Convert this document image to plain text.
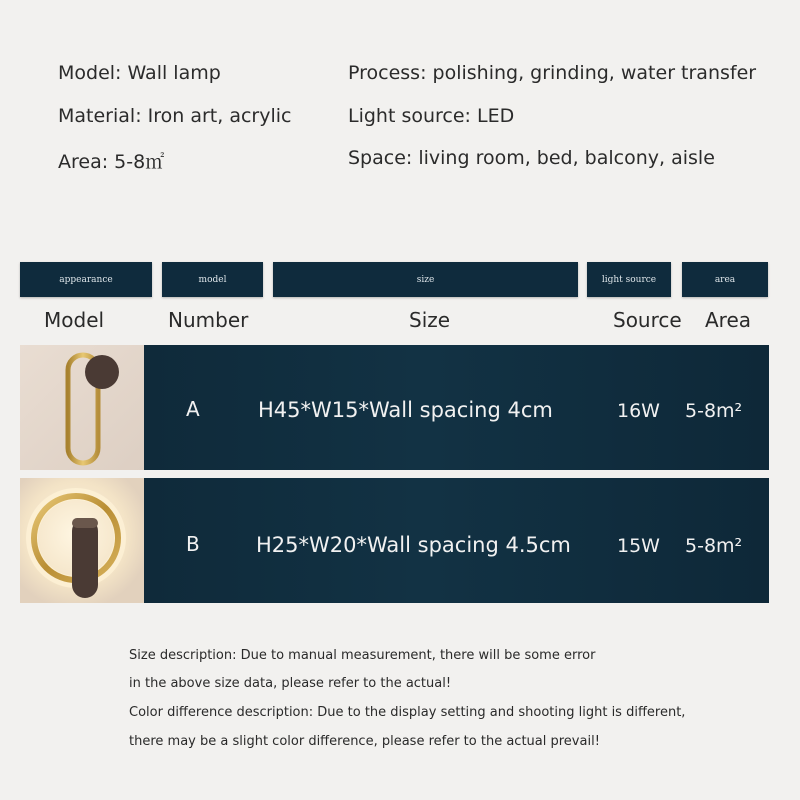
Model: Wall lamp
Material: Iron art, acrylic
Area: 5-8㎡
Process: polishing, grinding, water transfer
Light source: LED
Space: living room, bed, balcony, aisle
appearance	model	size	light source	area
Model	Number	Size	Source Area
A	H45*W15*Wall spacing 4cm	16W 5-8m²
B	H25*W20*Wall spacing 4.5cm 15W 5-8m²
Size description: Due to manual measurement, there will be some error
in the above size data, please refer to the actual!
Color difference description: Due to the display setting and shooting light is different,
there may be a slight color difference, please refer to the actual prevail!
